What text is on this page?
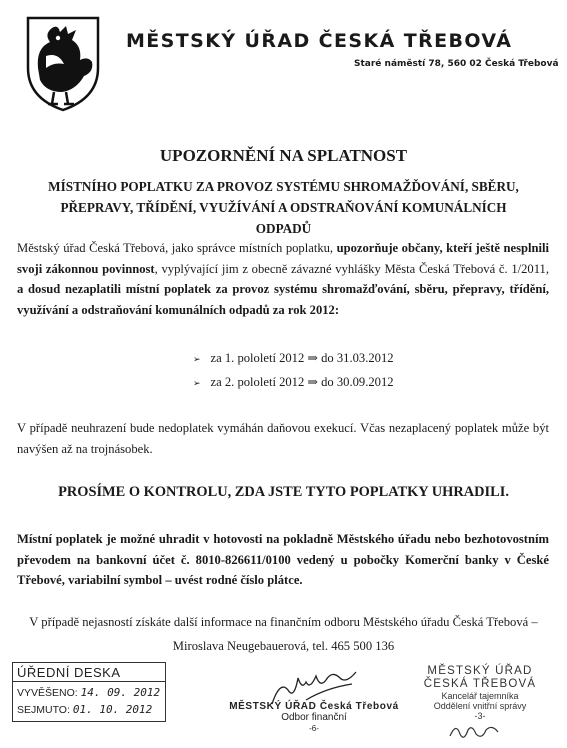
MĚSTSKÝ ÚŘAD ČESKÁ TŘEBOVÁ
Staré náměstí 78, 560 02 Česká Třebová
UPOZORNĚNÍ NA SPLATNOST
MÍSTNÍHO POPLATKU ZA PROVOZ SYSTÉMU SHROMAŽĎOVÁNÍ, SBĚRU, PŘEPRAVY, TŘÍDĚNÍ, VYUŽÍVÁNÍ A ODSTRAŇOVÁNÍ KOMUNÁLNÍCH ODPADŮ
Městský úřad Česká Třebová, jako správce místních poplatku, upozorňuje občany, kteří ještě nesplnili svoji zákonnou povinnost, vyplývající jim z obecně závazné vyhlášky Města Česká Třebová č. 1/2011, a dosud nezaplatili místní poplatek za provoz systému shromažďování, sběru, přepravy, třídění, využívání a odstraňování komunálních odpadů za rok 2012:
➢ za 1. pololetí 2012 ⇒ do 31.03.2012
➢ za 2. pololetí 2012 ⇒ do 30.09.2012
V případě neuhrazení bude nedoplatek vymáhán daňovou exekucí. Včas nezaplacený poplatek může být navýšen až na trojnásobek.
PROSÍME O KONTROLU, ZDA JSTE TYTO POPLATKY UHRADILI.
Místní poplatek je možné uhradit v hotovosti na pokladně Městského úřadu nebo bezhotovostním převodem na bankovní účet č. 8010-826611/0100 vedený u pobočky Komerční banky v České Třebové, variabilní symbol – uvést rodné číslo plátce.
V případě nejasností získáte další informace na finančním odboru Městského úřadu Česká Třebová –
Miroslava Neugebauerová, tel. 465 500 136
ÚŘEDNÍ DESKA
VYVĚŠENO: 14. 09. 2012
SEJMUTO: 01. 10. 2012	MĚSTSKÝ ÚŘAD Česká Třebová
Odbor finanční
-6-
MĚSTSKÝ ÚŘAD
ČESKÁ TŘEBOVÁ
Kancelář tajemníka
Oddělení vnitřní správy
-3-
